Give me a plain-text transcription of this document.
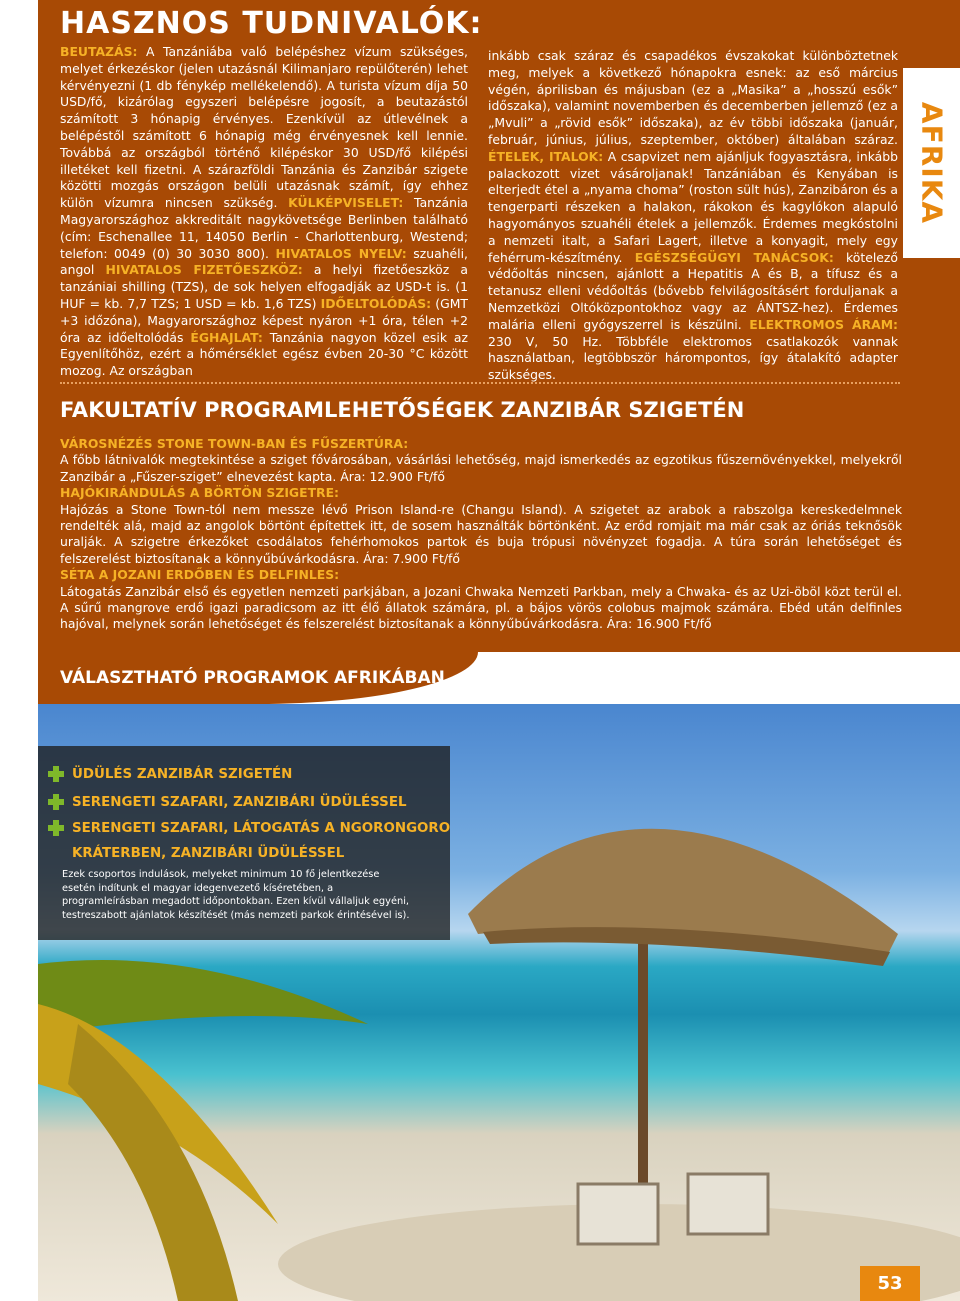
AFRIKA
HASZNOS TUDNIVALÓK:

BEUTAZÁS: A Tanzániába való belépéshez vízum szükséges, melyet érkezéskor (jelen utazásnál Kilimanjaro repülőterén) lehet kérvényezni (1 db fénykép mellékelendő). A turista vízum díja 50 USD/fő, kizárólag egyszeri belépésre jogosít, a beutazástól számított 3 hónapig érvényes. Ezenkívül az útlevélnek a belépéstől számított 6 hónapig még érvényesnek kell lennie. Továbbá az országból történő kilépéskor 30 USD/fő kilépési illetéket kell fizetni. A szárazföldi Tanzánia és Zanzibár szigete közötti mozgás országon belüli utazásnak számít, így ehhez külön vízumra nincsen szükség. KÜLKÉPVISELET: Tanzánia Magyarországhoz akkreditált nagykövetsége Berlinben található (cím: Eschenallee 11, 14050 Berlin - Charlottenburg, Westend; telefon: 0049 (0) 30 3030 800). HIVATALOS NYELV: szuahéli, angol HIVATALOS FIZETŐESZKÖZ: a helyi fizetőeszköz a tanzániai shilling (TZS), de sok helyen elfogadják az USD-t is. (1 HUF = kb. 7,7 TZS; 1 USD = kb. 1,6 TZS) IDŐELTOLÓDÁS: (GMT +3 időzóna), Magyarországhoz képest nyáron +1 óra, télen +2 óra az időeltolódás ÉGHAJLAT: Tanzánia nagyon közel esik az Egyenlítőhöz, ezért a hőmérséklet egész évben 20-30 °C között mozog. Az országban

inkább csak száraz és csapadékos évszakokat különböztetnek meg, melyek a következő hónapokra esnek: az eső március végén, áprilisban és májusban (ez a „Masika” a „hosszú esők” időszaka), valamint novemberben és decemberben jellemző (ez a „Mvuli” a „rövid esők” időszaka), az év többi időszaka (január, február, június, július, szeptember, október) általában száraz. ÉTELEK, ITALOK: A csapvizet nem ajánljuk fogyasztásra, inkább palackozott vizet vásároljanak! Tanzániában és Kenyában is elterjedt étel a „nyama choma” (roston sült hús), Zanzibáron és a tengerparti részeken a halakon, rákokon és kagylókon alapuló hagyományos szuahéli ételek a jellemzők. Érdemes megkóstolni a nemzeti italt, a Safari Lagert, illetve a konyagit, mely egy fehérrum-készítmény. EGÉSZSÉGÜGYI TANÁCSOK: kötelező védőoltás nincsen, ajánlott a Hepatitis A és B, a tífusz és a tetanusz elleni védőoltás (bővebb felvilágosításért forduljanak a Nemzetközi Oltóközpontokhoz vagy az ÁNTSZ-hez). Érdemes malária elleni gyógyszerrel is készülni. ELEKTROMOS ÁRAM: 230 V, 50 Hz. Többféle elektromos csatlakozók vannak használatban, legtöbbször hárompontos, így átalakító adapter szükséges.

FAKULTATÍV PROGRAMLEHETŐSÉGEK ZANZIBÁR SZIGETÉN

VÁROSNÉZÉS STONE TOWN-BAN ÉS FŰSZERTÚRA:

A főbb látnivalók megtekintése a sziget fővárosában, vásárlási lehetőség, majd ismerkedés az egzotikus fűszernövényekkel, melyekről Zanzibár a „Fűszer-sziget” elnevezést kapta. Ára: 12.900 Ft/fő

HAJÓKIRÁNDULÁS A BÖRTÖN SZIGETRE:

Hajózás a Stone Town-tól nem messze lévő Prison Island-re (Changu Island). A szigetet az arabok a rabszolga kereskedelmnek rendelték alá, majd az angolok börtönt építettek itt, de sosem használták börtönként. Az erőd romjait ma már csak az óriás teknősök uralják. A szigetre érkezőket csodálatos fehérhomokos partok és buja trópusi növényzet fogadja. A túra során lehetőséget és felszerelést biztosítanak a könnyűbúvárkodásra. Ára: 7.900 Ft/fő

SÉTA A JOZANI ERDŐBEN ÉS DELFINLES:

Látogatás Zanzibár első és egyetlen nemzeti parkjában, a Jozani Chwaka Nemzeti Parkban, mely a Chwaka- és az Uzi-öböl közt terül el. A sűrű mangrove erdő igazi paradicsom az itt élő állatok számára, pl. a bájos vörös colobus majmok számára. Ebéd után delfinles hajóval, melynek során lehetőséget és felszerelést biztosítanak a könnyűbúvárkodásra. Ára: 16.900 Ft/fő

VÁLASZTHATÓ PROGRAMOK AFRIKÁBAN
ÜDÜLÉS ZANZIBÁR SZIGETÉN
SERENGETI SZAFARI, ZANZIBÁRI ÜDÜLÉSSEL
SERENGETI SZAFARI, LÁTOGATÁS A NGORONGORO
KRÁTERBEN, ZANZIBÁRI ÜDÜLÉSSEL
Ezek csoportos indulások, melyeket minimum 10 fő jelentkezése esetén indítunk el magyar idegenvezető kíséretében, a programleírásban megadott időpontokban. Ezen kívül vállaljuk egyéni, testreszabott ajánlatok készítését (más nemzeti parkok érintésével is).
53
